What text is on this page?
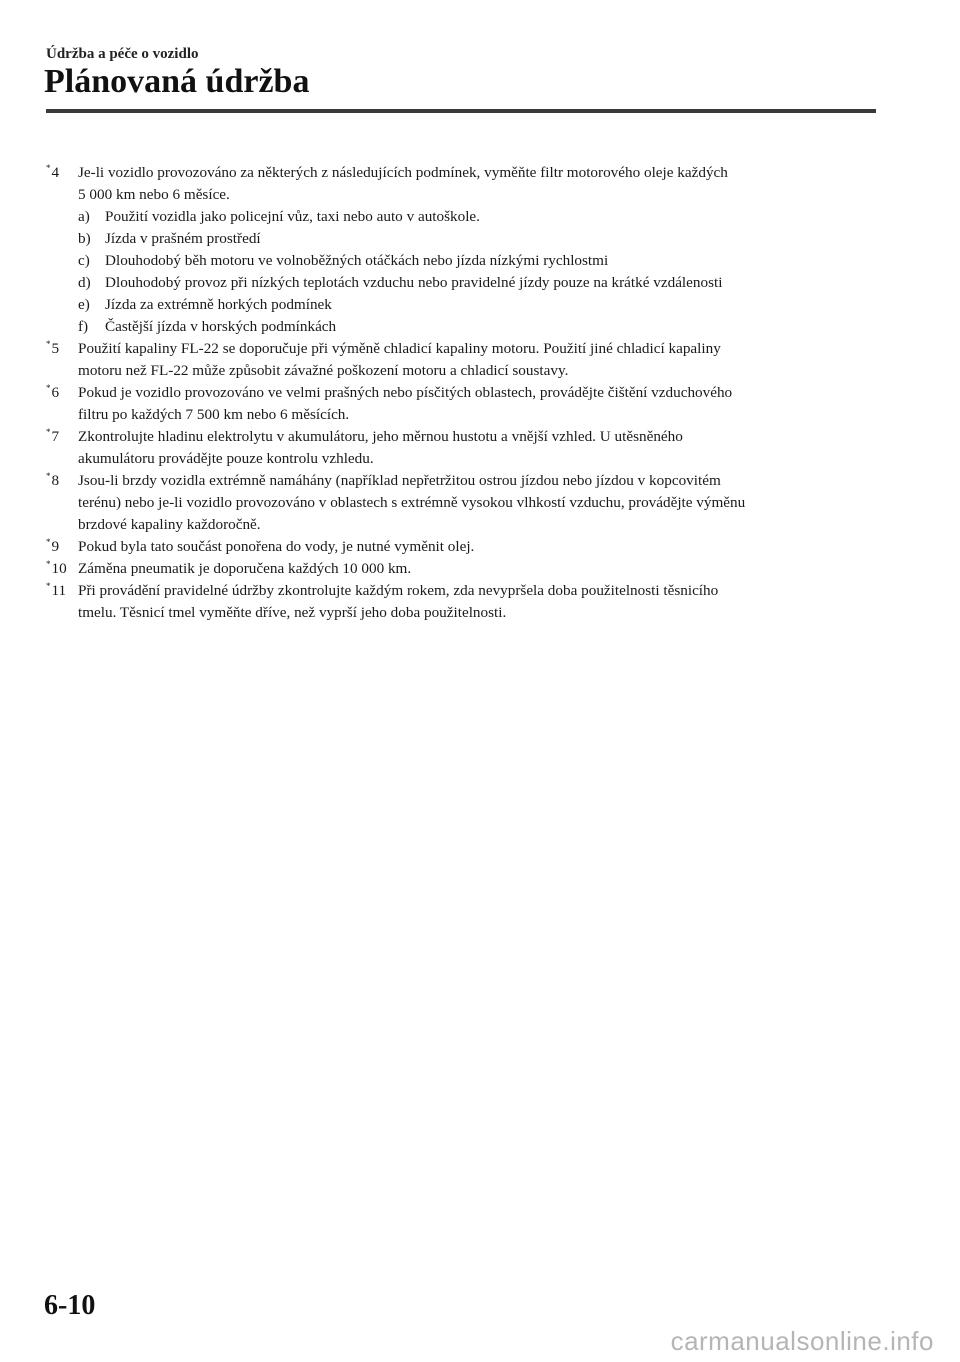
Údržba a péče o vozidlo
Plánovaná údržba
*4 Je-li vozidlo provozováno za některých z následujících podmínek, vyměňte filtr motorového oleje každých
5 000 km nebo 6 měsíce.
a) Použití vozidla jako policejní vůz, taxi nebo auto v autoškole.
b) Jízda v prašném prostředí
c) Dlouhodobý běh motoru ve volnoběžných otáčkách nebo jízda nízkými rychlostmi
d) Dlouhodobý provoz při nízkých teplotách vzduchu nebo pravidelné jízdy pouze na krátké vzdálenosti
e) Jízda za extrémně horkých podmínek
f) Častější jízda v horských podmínkách
*5 Použití kapaliny FL-22 se doporučuje při výměně chladicí kapaliny motoru. Použití jiné chladicí kapaliny
motoru než FL-22 může způsobit závažné poškození motoru a chladicí soustavy.
*6 Pokud je vozidlo provozováno ve velmi prašných nebo písčitých oblastech, provádějte čištění vzduchového
filtru po každých 7 500 km nebo 6 měsících.
*7 Zkontrolujte hladinu elektrolytu v akumulátoru, jeho měrnou hustotu a vnější vzhled. U utěsněného
akumulátoru provádějte pouze kontrolu vzhledu.
*8 Jsou-li brzdy vozidla extrémně namáhány (například nepřetržitou ostrou jízdou nebo jízdou v kopcovitém
terénu) nebo je-li vozidlo provozováno v oblastech s extrémně vysokou vlhkostí vzduchu, provádějte výměnu
brzdové kapaliny každoročně.
*9 Pokud byla tato součást ponořena do vody, je nutné vyměnit olej.
*10 Záměna pneumatik je doporučena každých 10 000 km.
*11 Při provádění pravidelné údržby zkontrolujte každým rokem, zda nevypršela doba použitelnosti těsnicího
tmelu. Těsnicí tmel vyměňte dříve, než vyprší jeho doba použitelnosti.
6-10
carmanualsonline.info
